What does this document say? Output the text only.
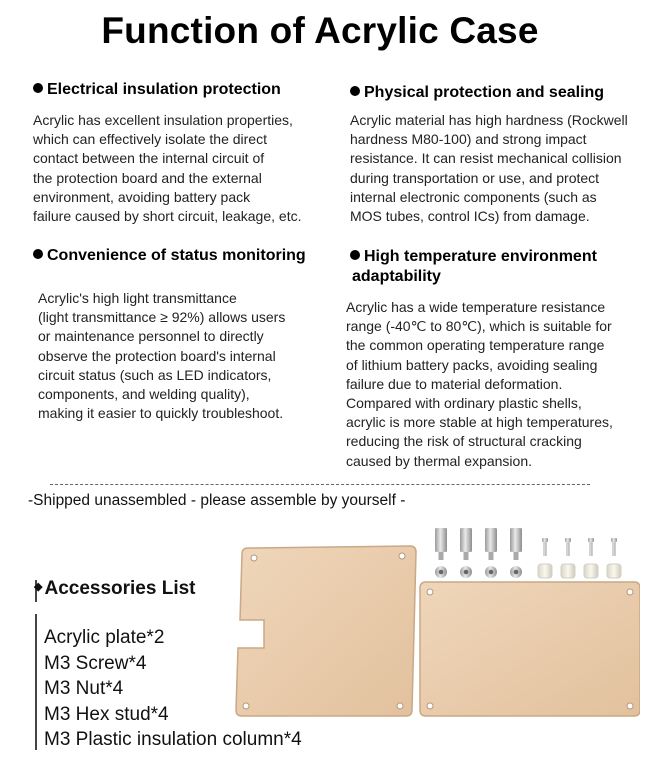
Function of Acrylic Case
Electrical insulation protection
Acrylic has excellent insulation properties,
which can effectively isolate the direct
contact between the internal circuit of
the protection board and the external
environment, avoiding battery pack
failure caused by short circuit, leakage, etc.
Physical protection and sealing
Acrylic material has high hardness (Rockwell
hardness M80-100) and strong impact
resistance. It can resist mechanical collision
during transportation or use, and protect
internal electronic components (such as
MOS tubes, control ICs) from damage.
Convenience of status monitoring
Acrylic's high light transmittance
(light transmittance ≥ 92%) allows users
or maintenance personnel to directly
observe the protection board's internal
circuit status (such as LED indicators,
components, and welding quality),
making it easier to quickly troubleshoot.
High temperature environment
adaptability
Acrylic has a wide temperature resistance
range (-40℃ to 80℃), which is suitable for
the common operating temperature range
of lithium battery packs, avoiding sealing
failure due to material deformation.
Compared with ordinary plastic shells,
acrylic is more stable at high temperatures,
reducing the risk of structural cracking
caused by thermal expansion.
-Shipped unassembled - please assemble by yourself -
◆ Accessories List
Acrylic plate*2
M3 Screw*4
M3 Nut*4
M3 Hex stud*4
M3 Plastic insulation column*4
